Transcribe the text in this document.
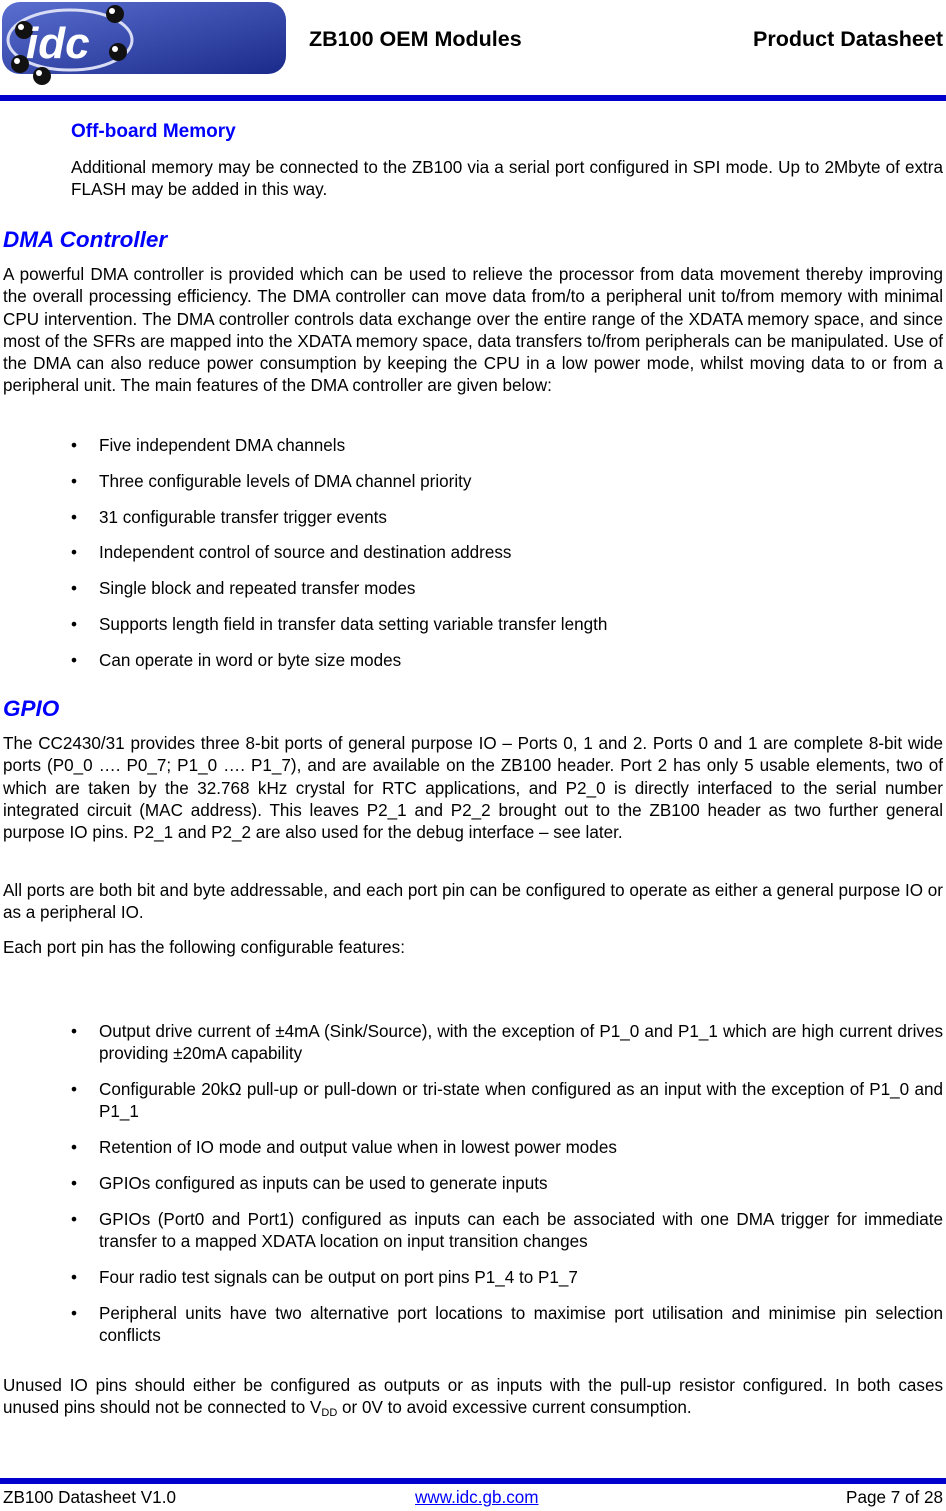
idc	ZB100 OEM Modules	Product Datasheet
Off-board Memory

Additional memory may be connected to the ZB100 via a serial port configured in SPI mode. Up to 2Mbyte of extra FLASH may be added in this way.

DMA Controller

A powerful DMA controller is provided which can be used to relieve the processor from data movement thereby improving the overall processing efficiency. The DMA controller can move data from/to a peripheral unit to/from memory with minimal CPU intervention. The DMA controller controls data exchange over the entire range of the XDATA memory space, and since most of the SFRs are mapped into the XDATA memory space, data transfers to/from peripherals can be manipulated. Use of the DMA can also reduce power consumption by keeping the CPU in a low power mode, whilst moving data to or from a peripheral unit. The main features of the DMA controller are given below:

• Five independent DMA channels
• Three configurable levels of DMA channel priority
• 31 configurable transfer trigger events
• Independent control of source and destination address
• Single block and repeated transfer modes
• Supports length field in transfer data setting variable transfer length
• Can operate in word or byte size modes
GPIO

The CC2430/31 provides three 8-bit ports of general purpose IO – Ports 0, 1 and 2. Ports 0 and 1 are complete 8-bit wide ports (P0_0 …. P0_7; P1_0 …. P1_7), and are available on the ZB100 header. Port 2 has only 5 usable elements, two of which are taken by the 32.768 kHz crystal for RTC applications, and P2_0 is directly interfaced to the serial number integrated circuit (MAC address). This leaves P2_1 and P2_2 brought out to the ZB100 header as two further general purpose IO pins. P2_1 and P2_2 are also used for the debug interface – see later.

All ports are both bit and byte addressable, and each port pin can be configured to operate as either a general purpose IO or as a peripheral IO.

Each port pin has the following configurable features:

• Output drive current of ±4mA (Sink/Source), with the exception of P1_0 and P1_1 which are high current drives providing ±20mA capability
• Configurable 20kΩ pull-up or pull-down or tri-state when configured as an input with the exception of P1_0 and P1_1
• Retention of IO mode and output value when in lowest power modes
• GPIOs configured as inputs can be used to generate inputs
• GPIOs (Port0 and Port1) configured as inputs can each be associated with one DMA trigger for immediate transfer to a mapped XDATA location on input transition changes
• Four radio test signals can be output on port pins P1_4 to P1_7
• Peripheral units have two alternative port locations to maximise port utilisation and minimise pin selection conflicts

Unused IO pins should either be configured as outputs or as inputs with the pull-up resistor configured. In both cases unused pins should not be connected to $V_{DD}$ or 0V to avoid excessive current consumption.

ZB100 Datasheet V1.0	www.idc.gb.com	Page 7 of 28
